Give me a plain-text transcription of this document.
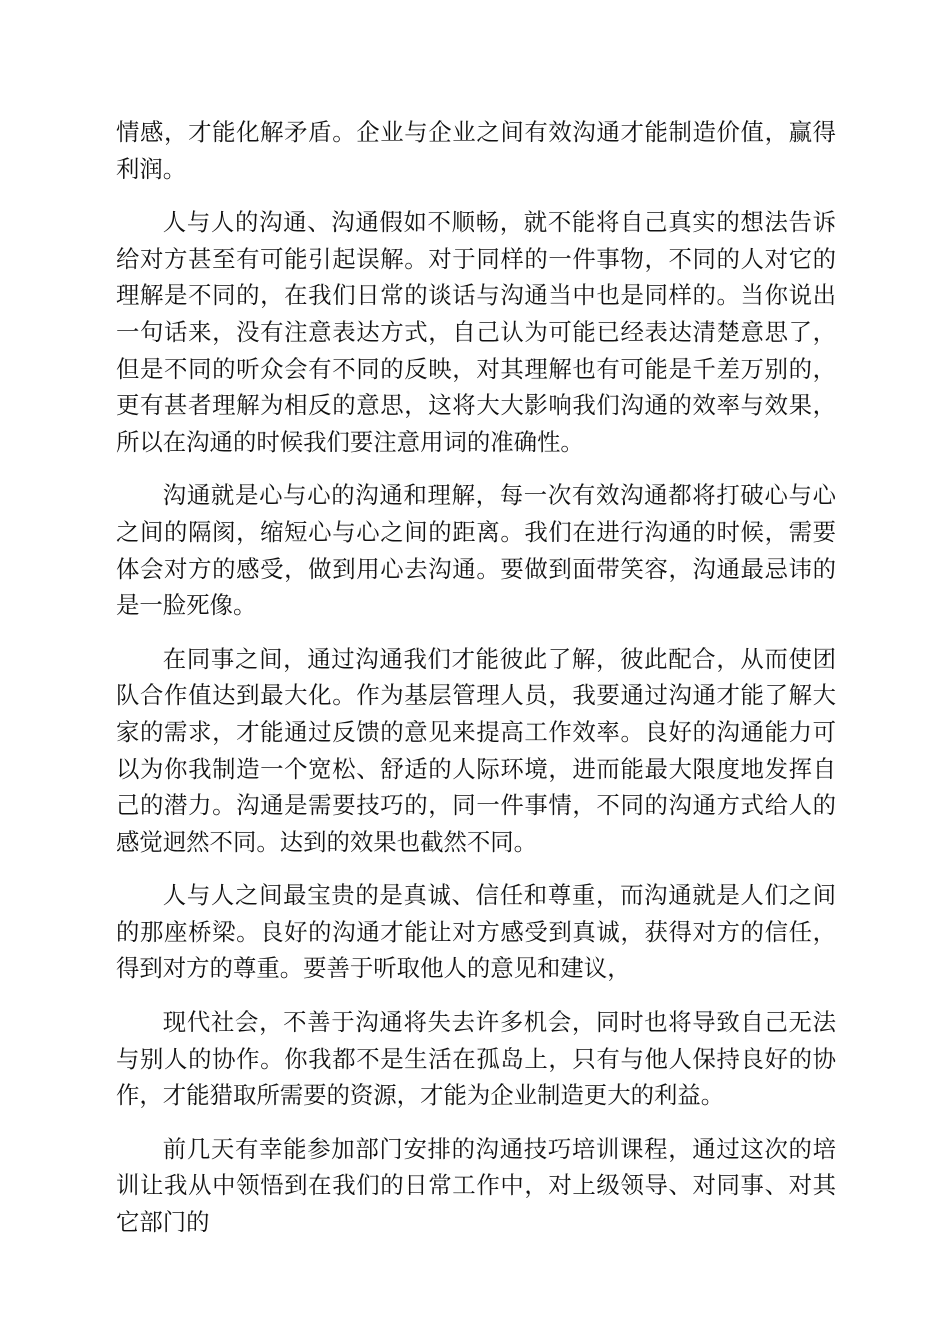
情感，才能化解矛盾。企业与企业之间有效沟通才能制造价值，赢得利润。

人与人的沟通、沟通假如不顺畅，就不能将自己真实的想法告诉给对方甚至有可能引起误解。对于同样的一件事物，不同的人对它的理解是不同的，在我们日常的谈话与沟通当中也是同样的。当你说出一句话来，没有注意表达方式，自己认为可能已经表达清楚意思了，但是不同的听众会有不同的反映，对其理解也有可能是千差万别的，更有甚者理解为相反的意思，这将大大影响我们沟通的效率与效果，所以在沟通的时候我们要注意用词的准确性。

沟通就是心与心的沟通和理解，每一次有效沟通都将打破心与心之间的隔阂，缩短心与心之间的距离。我们在进行沟通的时候，需要体会对方的感受，做到用心去沟通。要做到面带笑容，沟通最忌讳的是一脸死像。

在同事之间，通过沟通我们才能彼此了解，彼此配合，从而使团队合作值达到最大化。作为基层管理人员，我要通过沟通才能了解大家的需求，才能通过反馈的意见来提高工作效率。良好的沟通能力可以为你我制造一个宽松、舒适的人际环境，进而能最大限度地发挥自己的潜力。沟通是需要技巧的，同一件事情，不同的沟通方式给人的感觉迥然不同。达到的效果也截然不同。

人与人之间最宝贵的是真诚、信任和尊重，而沟通就是人们之间的那座桥梁。良好的沟通才能让对方感受到真诚，获得对方的信任，得到对方的尊重。要善于听取他人的意见和建议，

现代社会，不善于沟通将失去许多机会，同时也将导致自己无法与别人的协作。你我都不是生活在孤岛上，只有与他人保持良好的协作，才能猎取所需要的资源，才能为企业制造更大的利益。

前几天有幸能参加部门安排的沟通技巧培训课程，通过这次的培训让我从中领悟到在我们的日常工作中，对上级领导、对同事、对其它部门的
